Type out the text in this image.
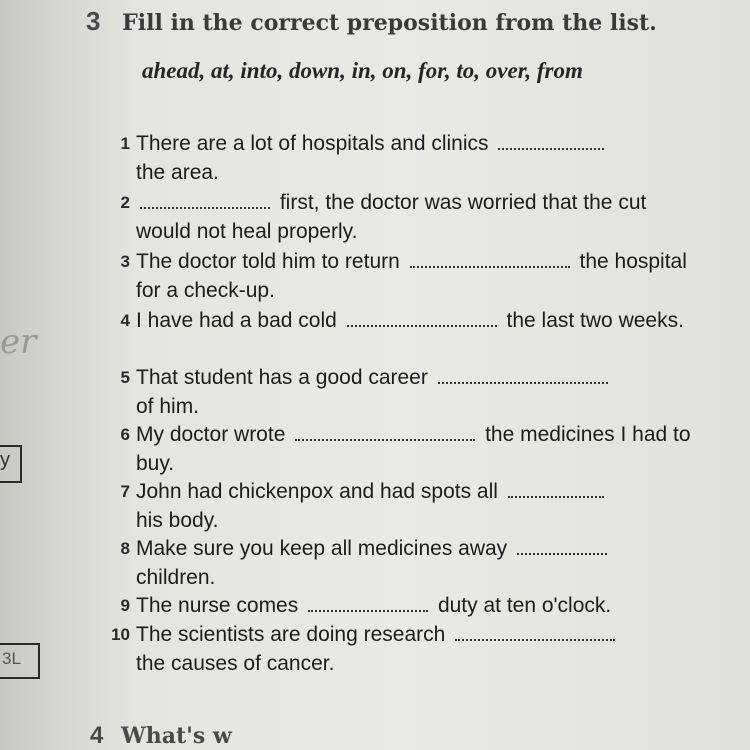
er
y
3L
3 Fill in the correct preposition from the list.
ahead, at, into, down, in, on, for, to, over, from
1 There are a lot of hospitals and clinics
the area.
2	first, the doctor was worried that the cut would not heal properly.
3 The doctor told him to return	the hospital for a check-up.
4 I have had a bad cold	the last two weeks.
5 That student has a good career
of him.
6 My doctor wrote	the medicines I had to buy.
7 John had chickenpox and had spots all
his body.
8 Make sure you keep all medicines away
children.
9 The nurse comes	duty at ten o'clock.
10 The scientists are doing research
the causes of cancer.
4 What's w
